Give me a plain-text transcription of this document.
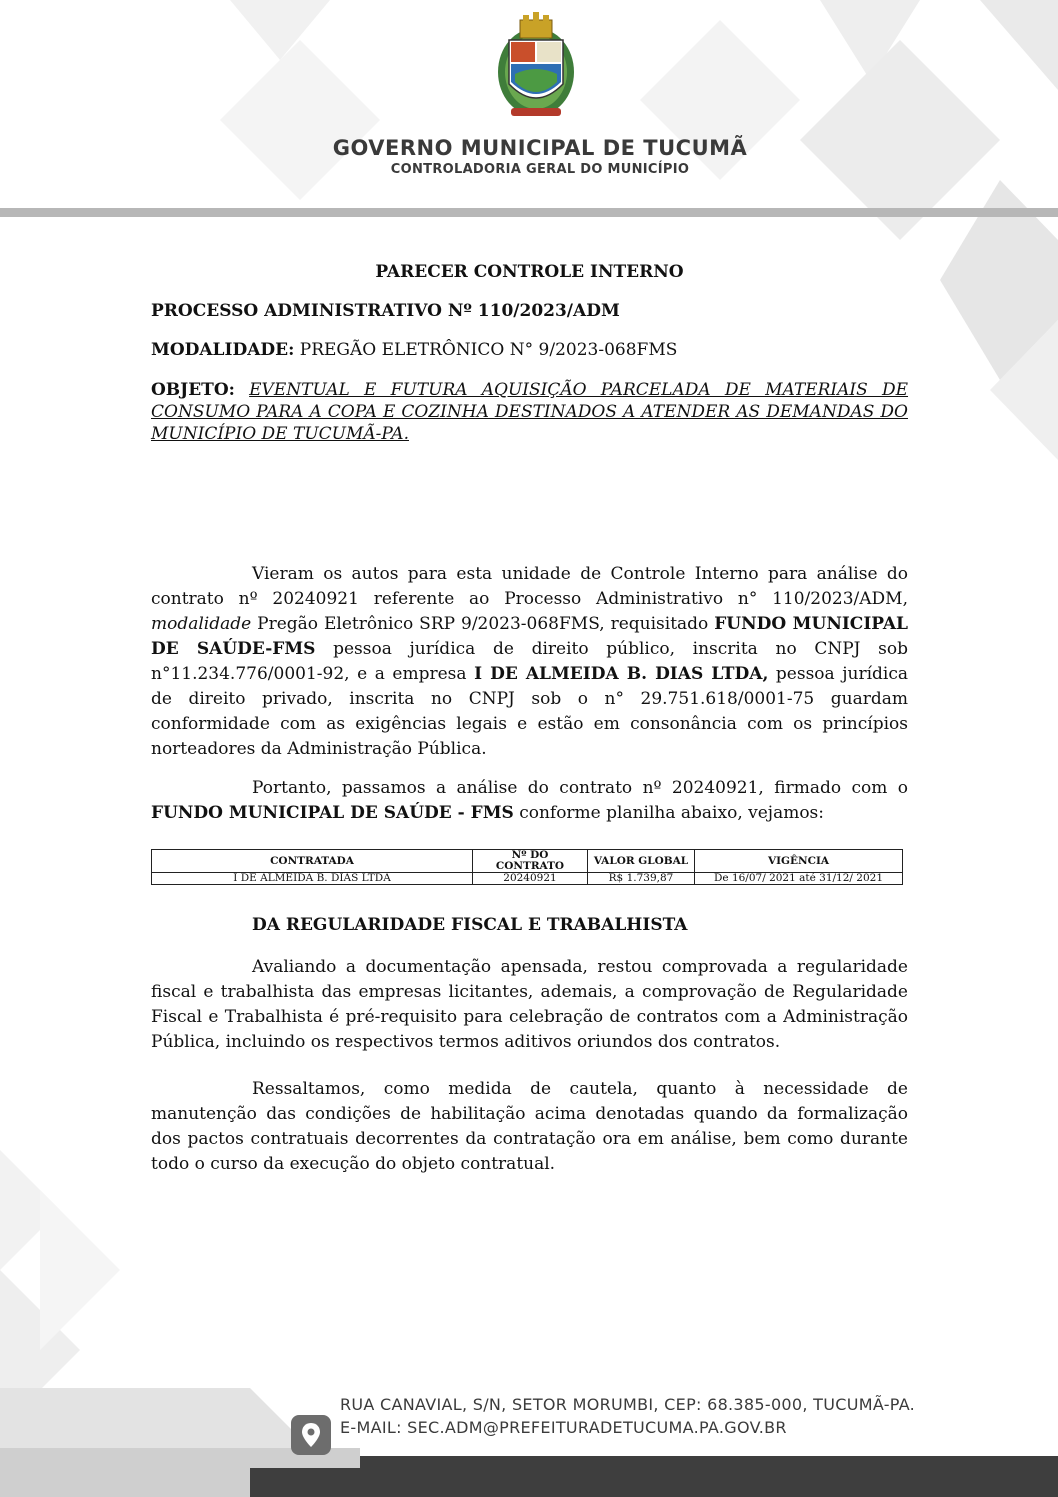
GOVERNO MUNICIPAL DE TUCUMÃ
CONTROLADORIA GERAL DO MUNICÍPIO

PARECER CONTROLE INTERNO

PROCESSO ADMINISTRATIVO Nº 110/2023/ADM

MODALIDADE: PREGÃO ELETRÔNICO N° 9/2023-068FMS

OBJETO: EVENTUAL E FUTURA AQUISIÇÃO PARCELADA DE MATERIAIS DE CONSUMO PARA A COPA E COZINHA DESTINADOS A ATENDER AS DEMANDAS DO MUNICÍPIO DE TUCUMÃ-PA.

Vieram os autos para esta unidade de Controle Interno para análise do contrato nº 20240921 referente ao Processo Administrativo n° 110/2023/ADM, modalidade Pregão Eletrônico SRP 9/2023-068FMS, requisitado FUNDO MUNICIPAL DE SAÚDE-FMS pessoa jurídica de direito público, inscrita no CNPJ sob n°11.234.776/0001-92, e a empresa I DE ALMEIDA B. DIAS LTDA, pessoa jurídica de direito privado, inscrita no CNPJ sob o n° 29.751.618/0001-75 guardam conformidade com as exigências legais e estão em consonância com os princípios norteadores da Administração Pública.

Portanto, passamos a análise do contrato nº 20240921, firmado com o FUNDO MUNICIPAL DE SAÚDE - FMS conforme planilha abaixo, vejamos:

CONTRATADA	Nº DO CONTRATO	VALOR GLOBAL	VIGÊNCIA
I DE ALMEIDA B. DIAS LTDA	20240921	R$ 1.739,87	De 16/07/ 2021 até 31/12/ 2021

DA REGULARIDADE FISCAL E TRABALHISTA

Avaliando a documentação apensada, restou comprovada a regularidade fiscal e trabalhista das empresas licitantes, ademais, a comprovação de Regularidade Fiscal e Trabalhista é pré-requisito para celebração de contratos com a Administração Pública, incluindo os respectivos termos aditivos oriundos dos contratos.

Ressaltamos, como medida de cautela, quanto à necessidade de manutenção das condições de habilitação acima denotadas quando da formalização dos pactos contratuais decorrentes da contratação ora em análise, bem como durante todo o curso da execução do objeto contratual.

RUA CANAVIAL, S/N, SETOR MORUMBI, CEP: 68.385-000, TUCUMÃ-PA.
E-MAIL: SEC.ADM@PREFEITURADETUCUMA.PA.GOV.BR
